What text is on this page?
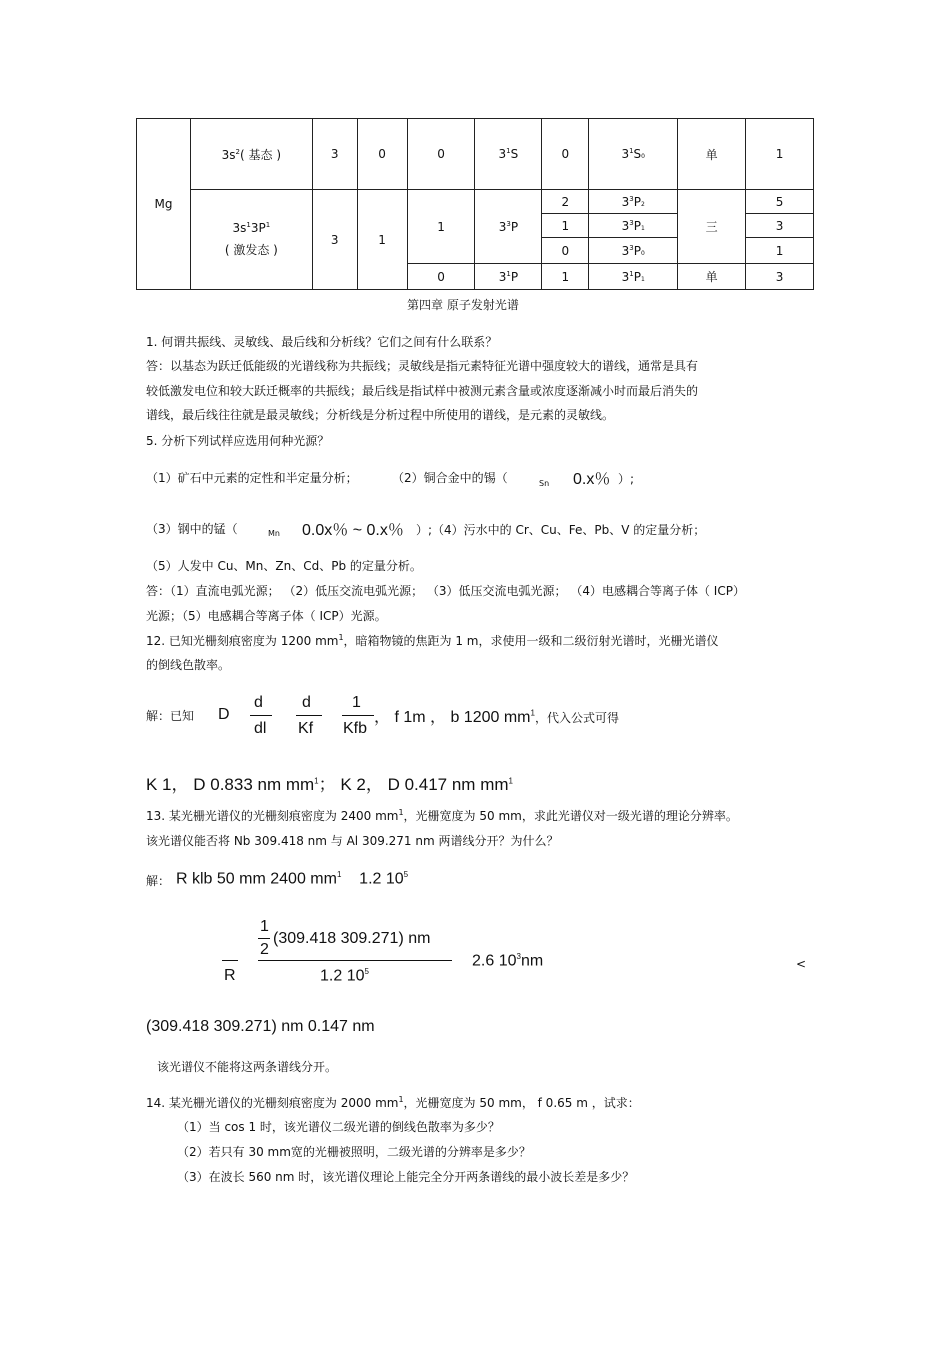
Mg	$3s^2$( 基态 )	3	0	0	$3^1S$	0	$3^1S0$	单	1

	$3s^13P^1$
( 激发态 )	3	1	1	$3^3P$	2	$3^3P2$	三	5
						1	$3^3P1$		3
						0	$3^3P0$		1
				0	$3^1P$	1	$3^1P1$	单	3
第四章 原子发射光谱
1. 何谓共振线、灵敏线、最后线和分析线？它们之间有什么联系？
答：以基态为跃迁低能级的光谱线称为共振线；灵敏线是指元素特征光谱中强度较大的谱线，通常是具有
较低激发电位和较大跃迁概率的共振线；最后线是指试样中被测元素含量或浓度逐渐减小时而最后消失的
谱线，最后线往往就是最灵敏线；分析线是分析过程中所使用的谱线，是元素的灵敏线。
5. 分析下列试样应选用何种光源？
（1）矿石中元素的定性和半定量分析；	（2）铜合金中的锡（	Sn 0.x％ ）;
（3）钢中的锰（	Mn 0.0x％ ~ 0.x％ ）;（4）污水中的 Cr、Cu、Fe、Pb、V 的定量分析；
（5）人发中 Cu、Mn、Zn、Cd、Pb 的定量分析。
答：（1）直流电弧光源； （2）低压交流电弧光源； （3）低压交流电弧光源； （4）电感耦合等离子体（ ICP）
光源；（5）电感耦合等离子体（ ICP）光源。
12. 已知光栅刻痕密度为 1200 $mm^1$，暗箱物镜的焦距为 1 m，求使用一级和二级衍射光谱时，光栅光谱仪
的倒线色散率。
解：已知 D
d
dl
d
Kf
1
Kfb
， f 1m ， b 1200 $mm^1$，代入公式可得
K 1， D 0.833 nm $mm^1$； K 2， D 0.417 nm $mm^1$
13. 某光栅光谱仪的光栅刻痕密度为 2400 $mm^1$，光栅宽度为 50 mm，求此光谱仪对一级光谱的理论分辨率。
该光谱仪能否将 Nb 309.418 nm 与 Al 309.271 nm 两谱线分开？为什么？
解： R klb 50 mm 2400 $mm^1$ 1.2 $10^5$
1
2
(309.418 309.271) nm
R	1.2 $10^5$
2.6 $10^3nm$	<
(309.418 309.271) nm 0.147 nm
该光谱仪不能将这两条谱线分开。
14. 某光栅光谱仪的光栅刻痕密度为 2000 $mm^1$，光栅宽度为 50 mm， f 0.65 m ，试求：
（1）当 cos 1 时，该光谱仪二级光谱的倒线色散率为多少？
（2）若只有 30 mm宽的光栅被照明，二级光谱的分辨率是多少？
（3）在波长 560 nm 时，该光谱仪理论上能完全分开两条谱线的最小波长差是多少？
